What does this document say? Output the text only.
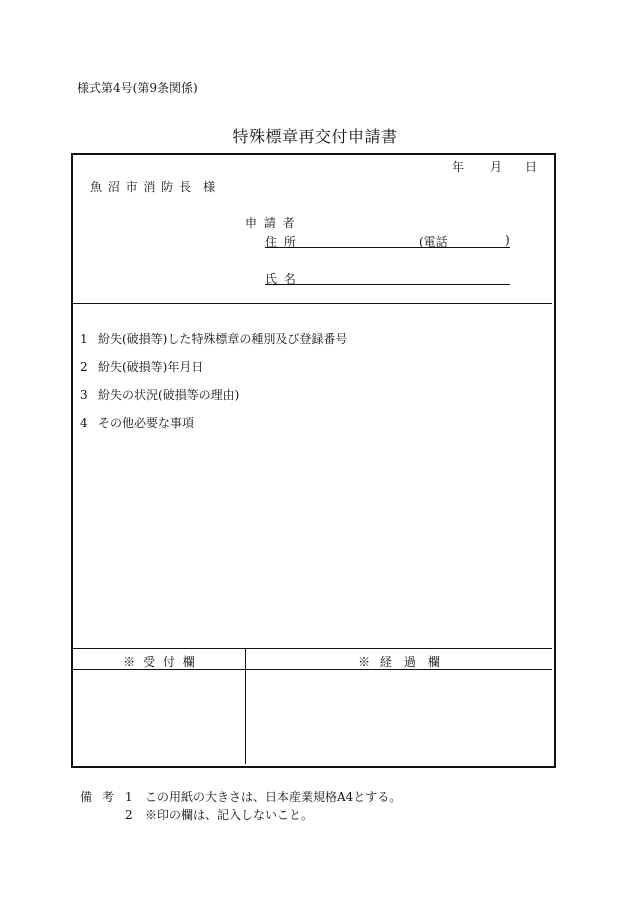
様式第4号(第9条関係)
特殊標章再交付申請書
年 月 日
魚 沼 市 消 防 長　様
申 請 者
住 所	(電話	)
氏 名
1 紛失(破損等)した特殊標章の種別及び登録番号
2 紛失(破損等)年月日
3 紛失の状況(破損等の理由)
4 その他必要な事項
※ 受 付 欄	※ 経　過　欄
備 考 1 この用紙の大きさは、日本産業規格A4とする。
2 ※印の欄は、記入しないこと。
